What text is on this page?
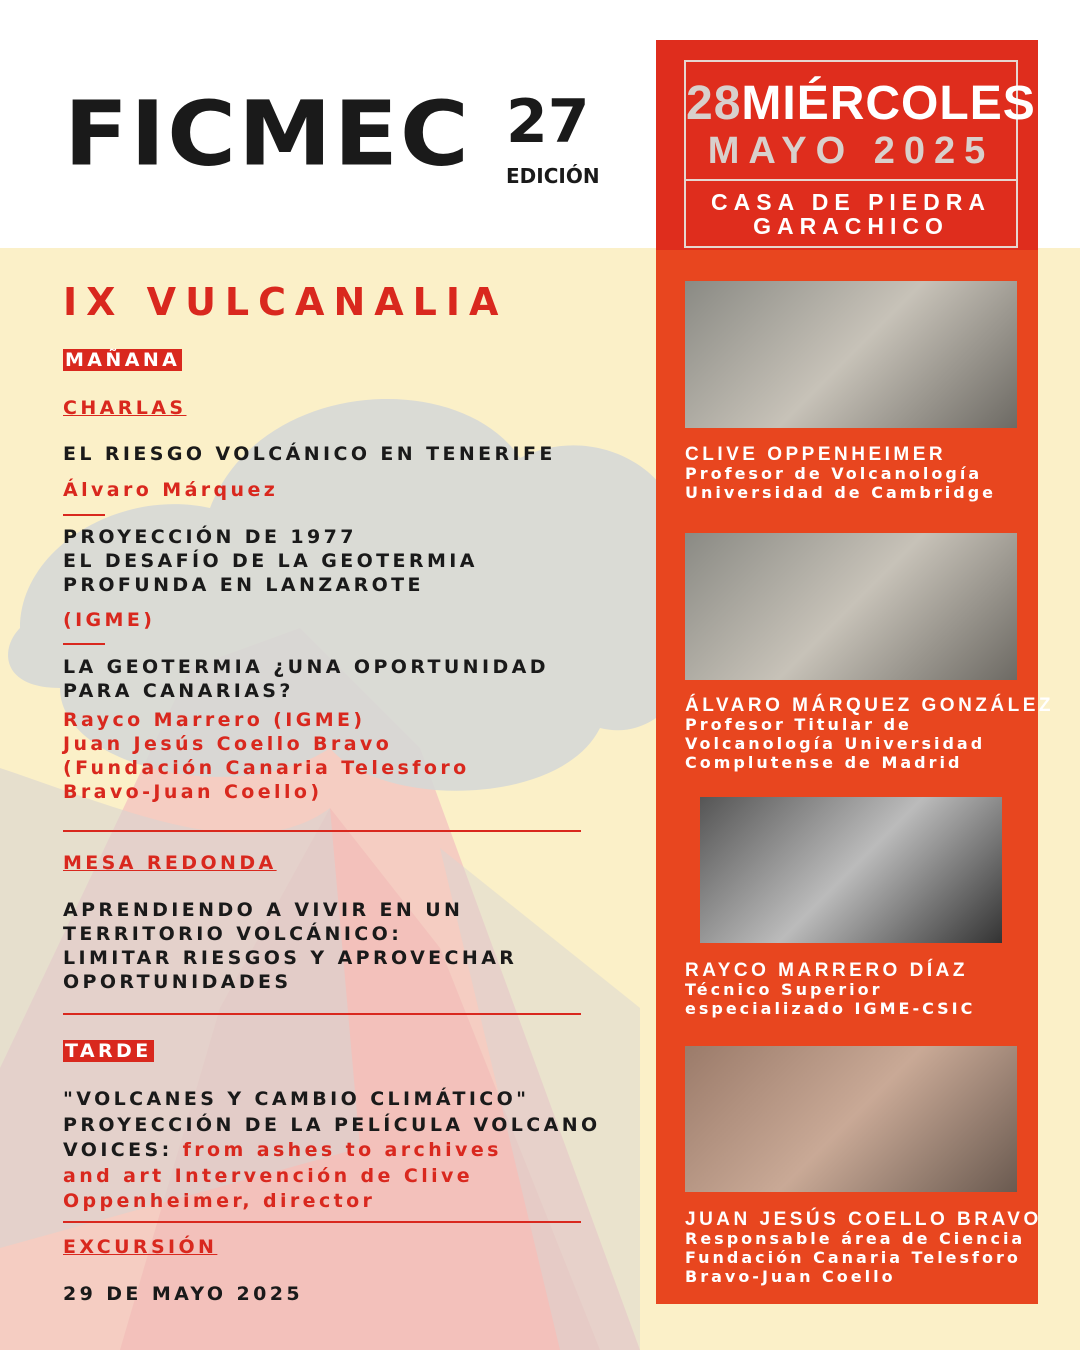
FICMEC 27
EDICIÓN
IX VULCANALIA
MAÑANA
CHARLAS
EL RIESGO VOLCÁNICO EN TENERIFE
Álvaro Márquez
PROYECCIÓN DE 1977
EL DESAFÍO DE LA GEOTERMIA
PROFUNDA EN LANZAROTE
(IGME)
LA GEOTERMIA ¿UNA OPORTUNIDAD
PARA CANARIAS?
Rayco Marrero (IGME)
Juan Jesús Coello Bravo
(Fundación Canaria Telesforo
Bravo-Juan Coello)
MESA REDONDA
APRENDIENDO A VIVIR EN UN
TERRITORIO VOLCÁNICO:
LIMITAR RIESGOS Y APROVECHAR
OPORTUNIDADES
TARDE
"VOLCANES Y CAMBIO CLIMÁTICO"
PROYECCIÓN DE LA PELÍCULA VOLCANO
VOICES: from ashes to archives
and art Intervención de Clive
Oppenheimer, director
EXCURSIÓN
29 DE MAYO 2025
28MIÉRCOLES
MAYO 2025
CASA DE PIEDRA
GARACHICO
CLIVE OPPENHEIMER
Profesor de Volcanología
Universidad de Cambridge
ÁLVARO MÁRQUEZ GONZÁLEZ
Profesor Titular de
Volcanología Universidad
Complutense de Madrid
RAYCO MARRERO DÍAZ
Técnico Superior
especializado IGME-CSIC
JUAN JESÚS COELLO BRAVO
Responsable área de Ciencia
Fundación Canaria Telesforo
Bravo-Juan Coello
